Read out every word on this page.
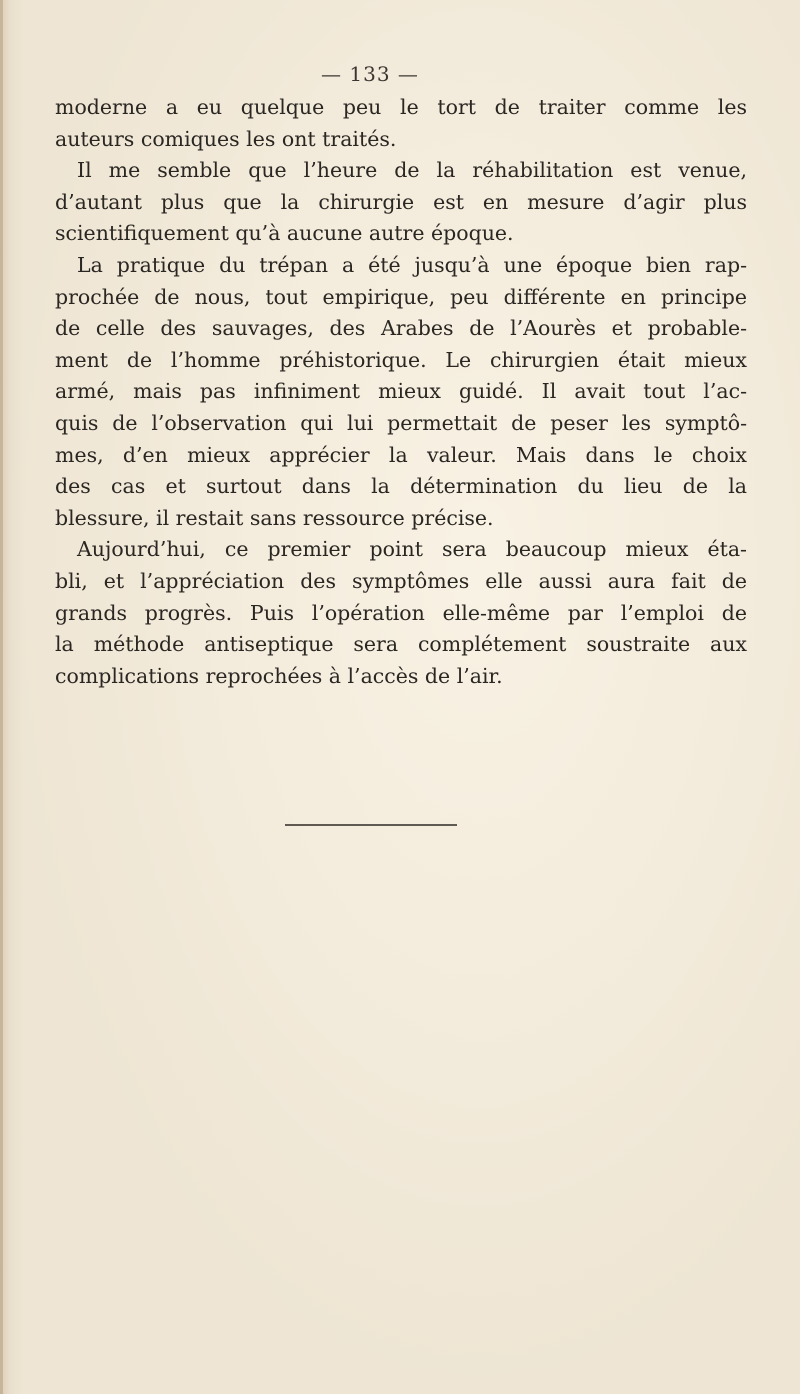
— 133 —
moderne a eu quelque peu le tort de traiter comme les
auteurs comiques les ont traités.
Il me semble que l’heure de la réhabilitation est venue,
d’autant plus que la chirurgie est en mesure d’agir plus
scientifiquement qu’à aucune autre époque.
La pratique du trépan a été jusqu’à une époque bien rap-
prochée de nous, tout empirique, peu différente en principe
de celle des sauvages, des Arabes de l’Aourès et probable-
ment de l’homme préhistorique. Le chirurgien était mieux
armé, mais pas infiniment mieux guidé. Il avait tout l’ac-
quis de l’observation qui lui permettait de peser les symptô-
mes, d’en mieux apprécier la valeur. Mais dans le choix
des cas et surtout dans la détermination du lieu de la
blessure, il restait sans ressource précise.
Aujourd’hui, ce premier point sera beaucoup mieux éta-
bli, et l’appréciation des symptômes elle aussi aura fait de
grands progrès. Puis l’opération elle-même par l’emploi de
la méthode antiseptique sera complétement soustraite aux
complications reprochées à l’accès de l’air.
